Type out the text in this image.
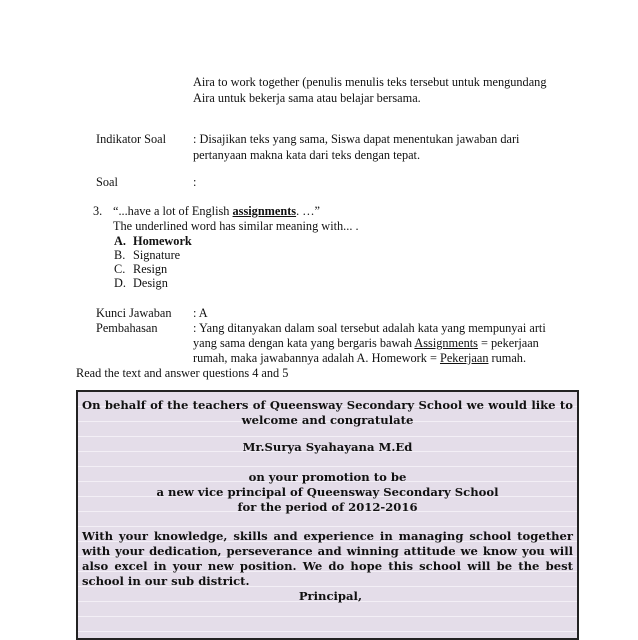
Aira to work together (penulis menulis teks tersebut untuk mengundang
Aira untuk bekerja sama atau belajar bersama.
Indikator Soal : Disajikan teks yang sama, Siswa dapat menentukan jawaban dari
pertanyaan makna kata dari teks dengan tepat.
Soal	:
3. “...have a lot of English assignments. …”
The underlined word has similar meaning with... .
A. Homework
B. Signature
C. Resign
D. Design
Kunci Jawaban : A
Pembahasan	: Yang ditanyakan dalam soal tersebut adalah kata yang mempunyai arti
yang sama dengan kata yang bergaris bawah Assignments = pekerjaan
rumah, maka jawabannya adalah A. Homework = Pekerjaan rumah.
Read the text and answer questions 4 and 5
On behalf of the teachers of Queensway Secondary School we would like to
welcome and congratulate
Mr.Surya Syahayana M.Ed
on your promotion to be
a new vice principal of Queensway Secondary School
for the period of 2012-2016
With your knowledge, skills and experience in managing school together
with your dedication, perseverance and winning attitude we know you will
also excel in your new position. We do hope this school will be the best
school in our sub district.
Principal,
